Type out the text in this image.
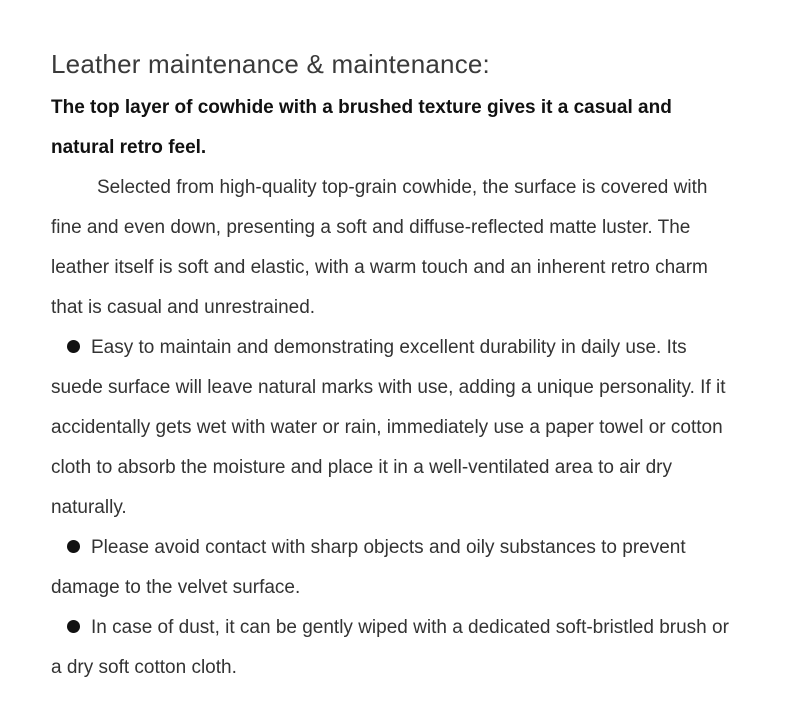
Leather maintenance & maintenance:

The top layer of cowhide with a brushed texture gives it a casual and natural retro feel.

Selected from high-quality top-grain cowhide, the surface is covered with fine and even down, presenting a soft and diffuse-reflected matte luster. The leather itself is soft and elastic, with a warm touch and an inherent retro charm that is casual and unrestrained.

Easy to maintain and demonstrating excellent durability in daily use. Its suede surface will leave natural marks with use, adding a unique personality. If it accidentally gets wet with water or rain, immediately use a paper towel or cotton cloth to absorb the moisture and place it in a well-ventilated area to air dry naturally.

Please avoid contact with sharp objects and oily substances to prevent damage to the velvet surface.

In case of dust, it can be gently wiped with a dedicated soft-bristled brush or a dry soft cotton cloth.
